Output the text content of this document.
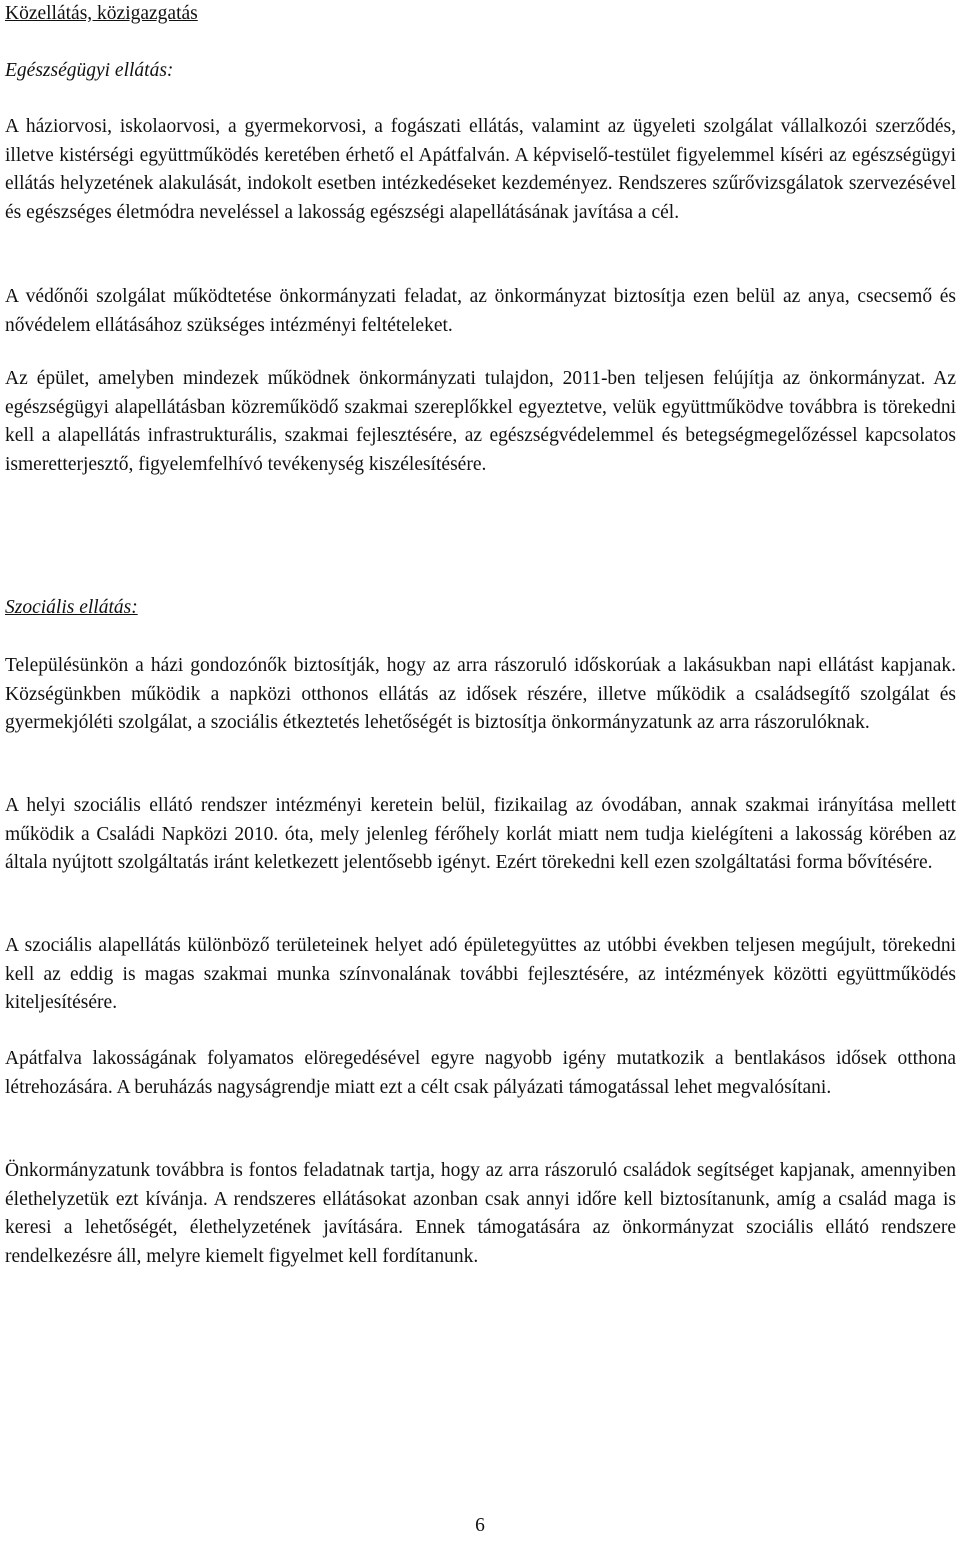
Közellátás, közigazgatás
Egészségügyi ellátás:

A háziorvosi, iskolaorvosi, a gyermekorvosi, a fogászati ellátás, valamint az ügyeleti szolgálat vállalkozói szerződés, illetve kistérségi együttműködés keretében érhető el Apátfalván. A képviselő-testület figyelemmel kíséri az egészségügyi ellátás helyzetének alakulását, indokolt esetben intézkedéseket kezdeményez. Rendszeres szűrővizsgálatok szervezésével és egészséges életmódra neveléssel a lakosság egészségi alapellátásának javítása a cél.

A védőnői szolgálat működtetése önkormányzati feladat, az önkormányzat biztosítja ezen belül az anya, csecsemő és nővédelem ellátásához szükséges intézményi feltételeket.

Az épület, amelyben mindezek működnek önkormányzati tulajdon, 2011-ben teljesen felújítja az önkormányzat. Az egészségügyi alapellátásban közreműködő szakmai szereplőkkel egyeztetve, velük együttműködve továbbra is törekedni kell a alapellátás infrastrukturális, szakmai fejlesztésére, az egészségvédelemmel és betegségmegelőzéssel kapcsolatos ismeretterjesztő, figyelemfelhívó tevékenység kiszélesítésére.

Szociális ellátás:

Településünkön a házi gondozónők biztosítják, hogy az arra rászoruló időskorúak a lakásukban napi ellátást kapjanak. Községünkben működik a napközi otthonos ellátás az idősek részére, illetve működik a családsegítő szolgálat és gyermekjóléti szolgálat, a szociális étkeztetés lehetőségét is biztosítja önkormányzatunk az arra rászorulóknak.

A helyi szociális ellátó rendszer intézményi keretein belül, fizikailag az óvodában, annak szakmai irányítása mellett működik a Családi Napközi 2010. óta, mely jelenleg férőhely korlát miatt nem tudja kielégíteni a lakosság körében az általa nyújtott szolgáltatás iránt keletkezett jelentősebb igényt. Ezért törekedni kell ezen szolgáltatási forma bővítésére.

A szociális alapellátás különböző területeinek helyet adó épületegyüttes az utóbbi években teljesen megújult, törekedni kell az eddig is magas szakmai munka színvonalának további fejlesztésére, az intézmények közötti együttműködés kiteljesítésére.

Apátfalva lakosságának folyamatos elöregedésével egyre nagyobb igény mutatkozik a bentlakásos idősek otthona létrehozására. A beruházás nagyságrendje miatt ezt a célt csak pályázati támogatással lehet megvalósítani.

Önkormányzatunk továbbra is fontos feladatnak tartja, hogy az arra rászoruló családok segítséget kapjanak, amennyiben élethelyzetük ezt kívánja. A rendszeres ellátásokat azonban csak annyi időre kell biztosítanunk, amíg a család maga is keresi a lehetőségét, élethelyzetének javítására. Ennek támogatására az önkormányzat szociális ellátó rendszere rendelkezésre áll, melyre kiemelt figyelmet kell fordítanunk.

6
